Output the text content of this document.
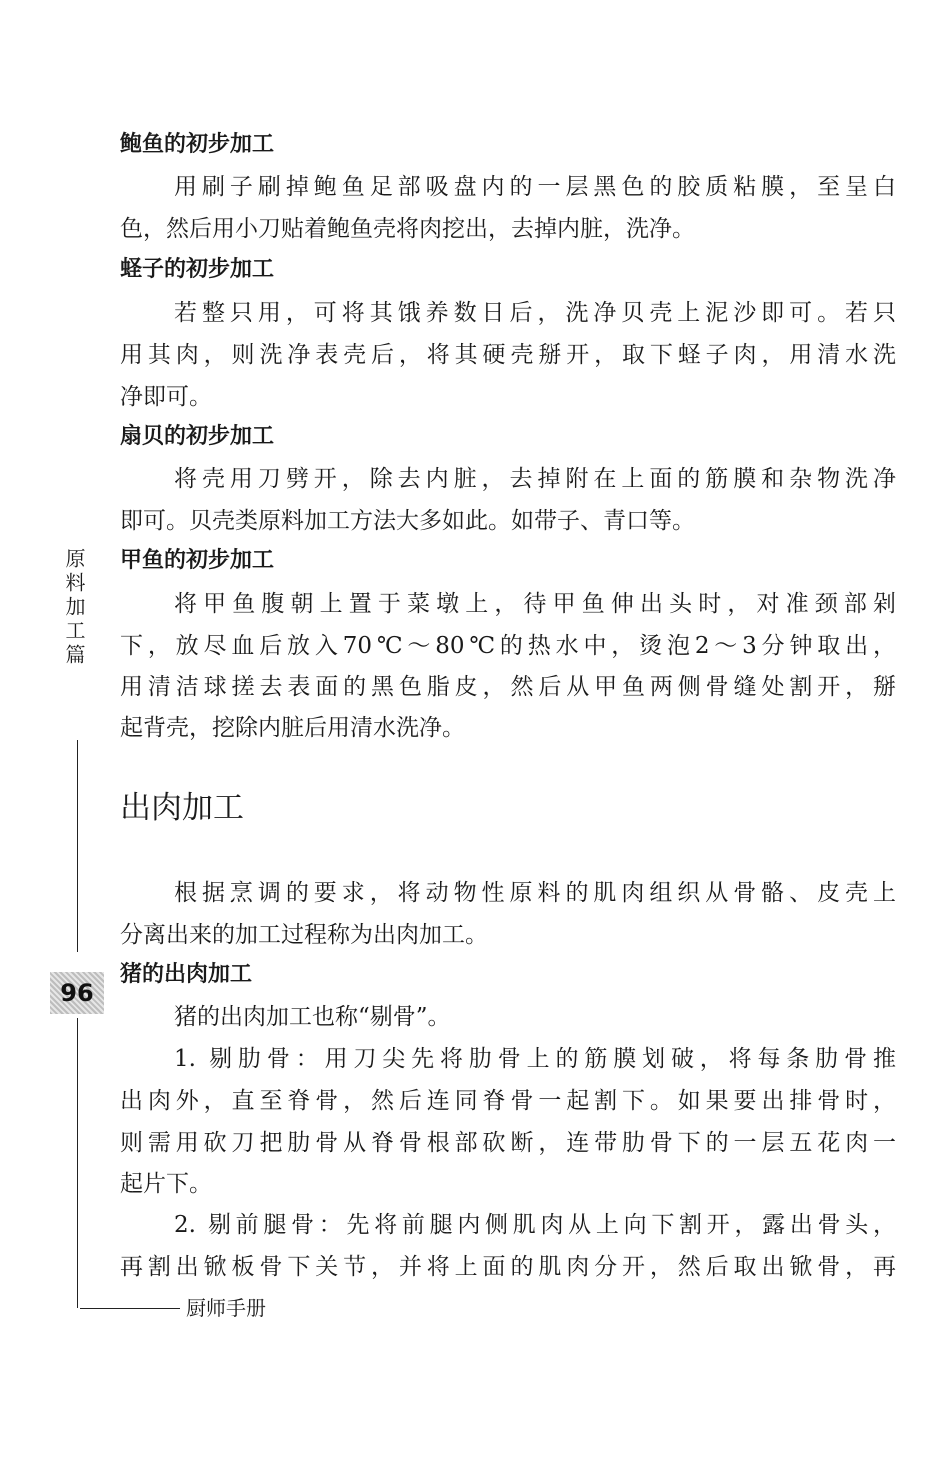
鲍鱼的初步加工
用刷子刷掉鲍鱼足部吸盘内的一层黑色的胶质粘膜，至呈白
色，然后用小刀贴着鲍鱼壳将肉挖出，去掉内脏，洗净。
蛏子的初步加工
若整只用，可将其饿养数日后，洗净贝壳上泥沙即可。若只
用其肉，则洗净表壳后，将其硬壳掰开，取下蛏子肉，用清水洗
净即可。
扇贝的初步加工
将壳用刀劈开，除去内脏，去掉附在上面的筋膜和杂物洗净
即可。贝壳类原料加工方法大多如此。如带子、青口等。
甲鱼的初步加工
将甲鱼腹朝上置于菜墩上，待甲鱼伸出头时，对准颈部剁
下，放尽血后放入70℃～80℃的热水中，烫泡2～3分钟取出，
用清洁球搓去表面的黑色脂皮，然后从甲鱼两侧骨缝处割开，掰
起背壳，挖除内脏后用清水洗净。
出肉加工
根据烹调的要求，将动物性原料的肌肉组织从骨骼、皮壳上
分离出来的加工过程称为出肉加工。
猪的出肉加工
猪的出肉加工也称“剔骨”。
1. 剔肋骨：用刀尖先将肋骨上的筋膜划破，将每条肋骨推
出肉外，直至脊骨，然后连同脊骨一起割下。如果要出排骨时，
则需用砍刀把肋骨从脊骨根部砍断，连带肋骨下的一层五花肉一
起片下。
2. 剔前腿骨：先将前腿内侧肌肉从上向下割开，露出骨头，
再割出锨板骨下关节，并将上面的肌肉分开，然后取出锨骨，再
原料加工篇
96
厨师手册
